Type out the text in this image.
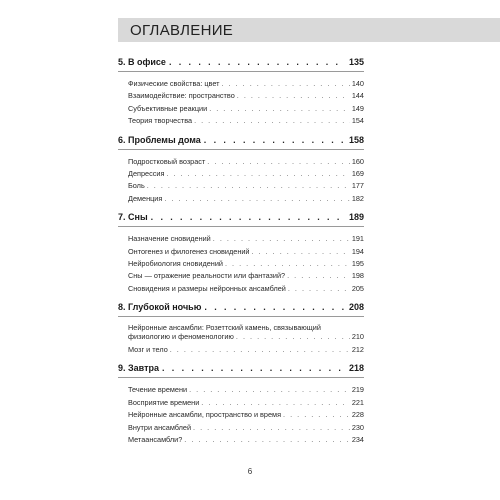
ОГЛАВЛЕНИЕ
5. В офисе . . .	135
Физические свойства: цвет . . .	140
Взаимодействие: пространство . . .	144
Субъективные реакции . . .	149
Теория творчества . . .	154
6. Проблемы дома . . .	158
Подростковый возраст . . .	160
Депрессия . . .	169
Боль . . .	177
Деменция . . .	182
7. Сны . . .	189
Назначение сновидений . . .	191
Онтогенез и филогенез сновидений . . .	194
Нейробиология сновидений . . .	195
Сны — отражение реальности или фантазий? . . .	198
Сновидения и размеры нейронных ансамблей . . .	205
8. Глубокой ночью . . .	208
Нейронные ансамбли: Розеттский камень, связывающий
физиологию и феноменологию . . .	210
Мозг и тело . . .	212
9. Завтра . . .	218
Течение времени . . .	219
Восприятие времени . . .	221
Нейронные ансамбли, пространство и время . . .	228
Внутри ансамблей . . .	230
Метаансамбли? . . .	234
6
